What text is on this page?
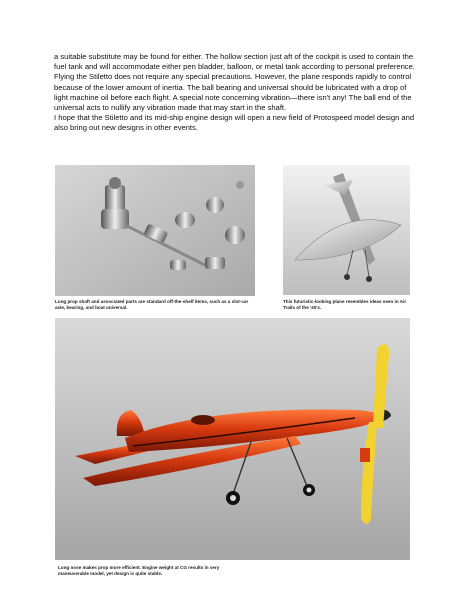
a suitable substitute may be found for either. The hollow section just aft of the cockpit is used to contain the fuel tank and will accommodate either pen bladder, balloon, or metal tank according to personal preference.

Flying the Stiletto does not require any special precautions. However, the plane responds rapidly to control because of the lower amount of inertia. The ball bearing and universal should be lubricated with a drop of light machine oil before each flight. A special note concerning vibration—there isn't any! The ball end of the universal acts to nullify any vibration made that may start in the shaft.

I hope that the Stiletto and its mid-ship engine design will open a new field of Protospeed model design and also bring out new designs in other events.

Long prop shaft and associated parts are standard off-the-shelf items, such as a slot-car axle, bearing, and boat universal.
This futuristic-looking plane resembles ideas seen in Air Trails of the '40's.
Long nose makes prop more efficient. Engine weight at CG results in very maneuverable model, yet design is quite stable.
